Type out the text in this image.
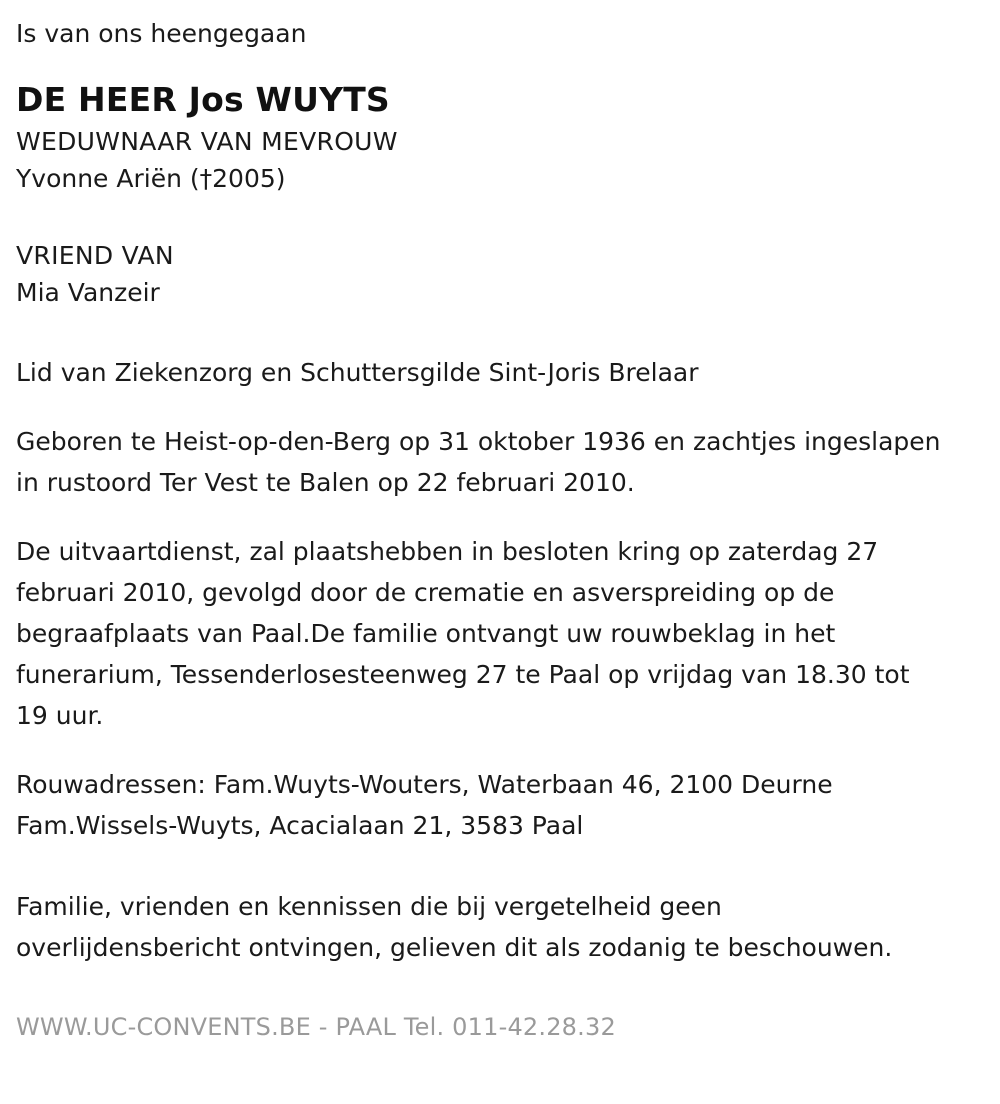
Is van ons heengegaan
DE HEER Jos WUYTS
WEDUWNAAR VAN MEVROUW
Yvonne Ariën (†2005)
VRIEND VAN
Mia Vanzeir
Lid van Ziekenzorg en Schuttersgilde Sint-Joris Brelaar
Geboren te Heist-op-den-Berg op 31 oktober 1936 en zachtjes ingeslapen
in rustoord Ter Vest te Balen op 22 februari 2010.
De uitvaartdienst, zal plaatshebben in besloten kring op zaterdag 27
februari 2010, gevolgd door de crematie en asverspreiding op de
begraafplaats van Paal.De familie ontvangt uw rouwbeklag in het
funerarium, Tessenderlosesteenweg 27 te Paal op vrijdag van 18.30 tot
19 uur.
Rouwadressen: Fam.Wuyts-Wouters, Waterbaan 46, 2100 Deurne
Fam.Wissels-Wuyts, Acacialaan 21, 3583 Paal
Familie, vrienden en kennissen die bij vergetelheid geen
overlijdensbericht ontvingen, gelieven dit als zodanig te beschouwen.
WWW.UC-CONVENTS.BE - PAAL Tel. 011-42.28.32
